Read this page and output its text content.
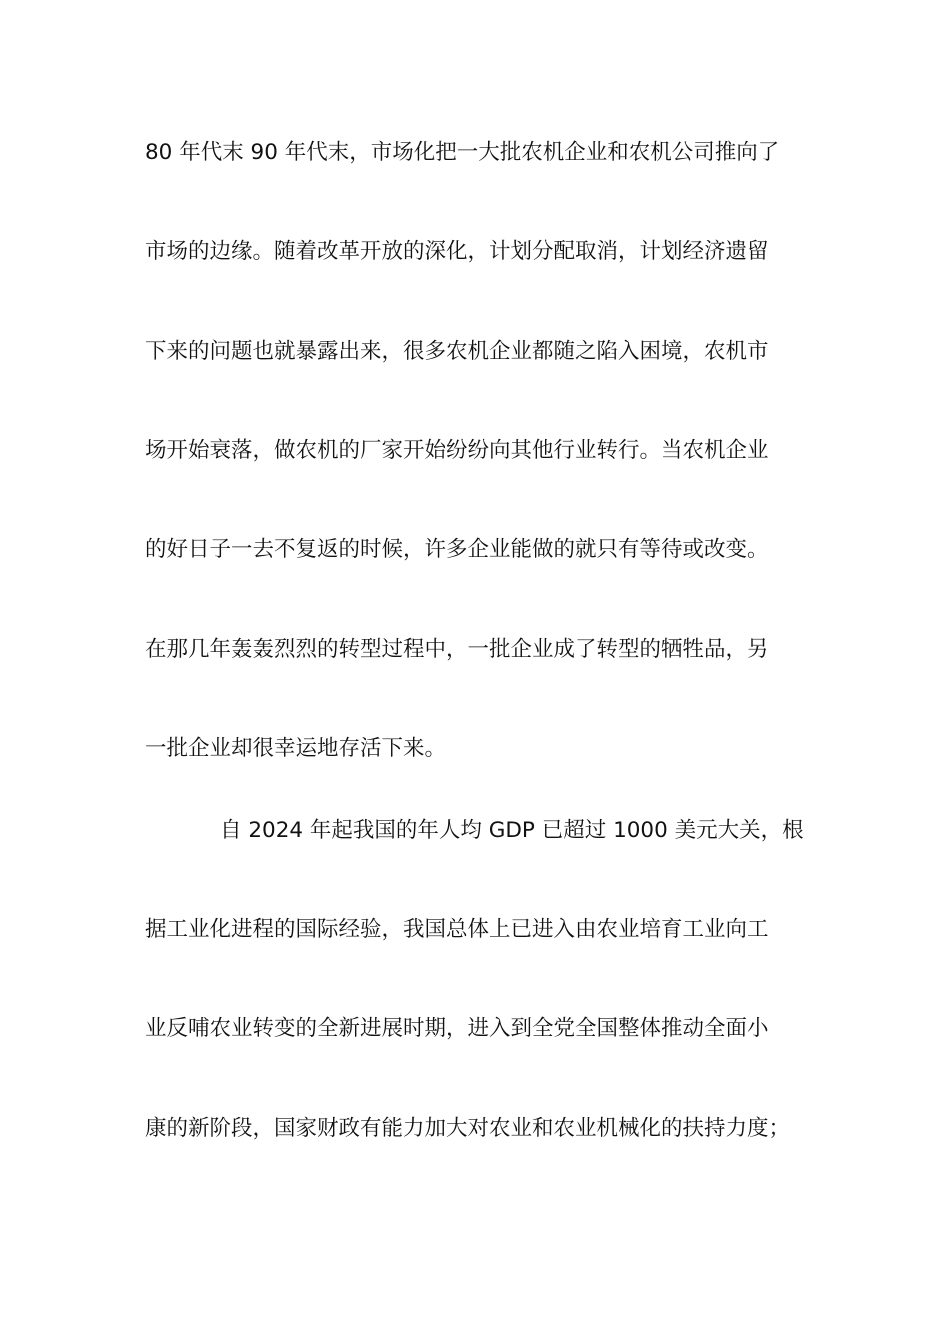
80 年代末 90 年代末，市场化把一大批农机企业和农机公司推向了
市场的边缘。随着改革开放的深化，计划分配取消，计划经济遗留
下来的问题也就暴露出来，很多农机企业都随之陷入困境，农机市
场开始衰落，做农机的厂家开始纷纷向其他行业转行。当农机企业
的好日子一去不复返的时候，许多企业能做的就只有等待或改变。
在那几年轰轰烈烈的转型过程中，一批企业成了转型的牺牲品，另
一批企业却很幸运地存活下来。
自 2024 年起我国的年人均 GDP 已超过 1000 美元大关，根
据工业化进程的国际经验，我国总体上已进入由农业培育工业向工
业反哺农业转变的全新进展时期，进入到全党全国整体推动全面小
康的新阶段，国家财政有能力加大对农业和农业机械化的扶持力度；
